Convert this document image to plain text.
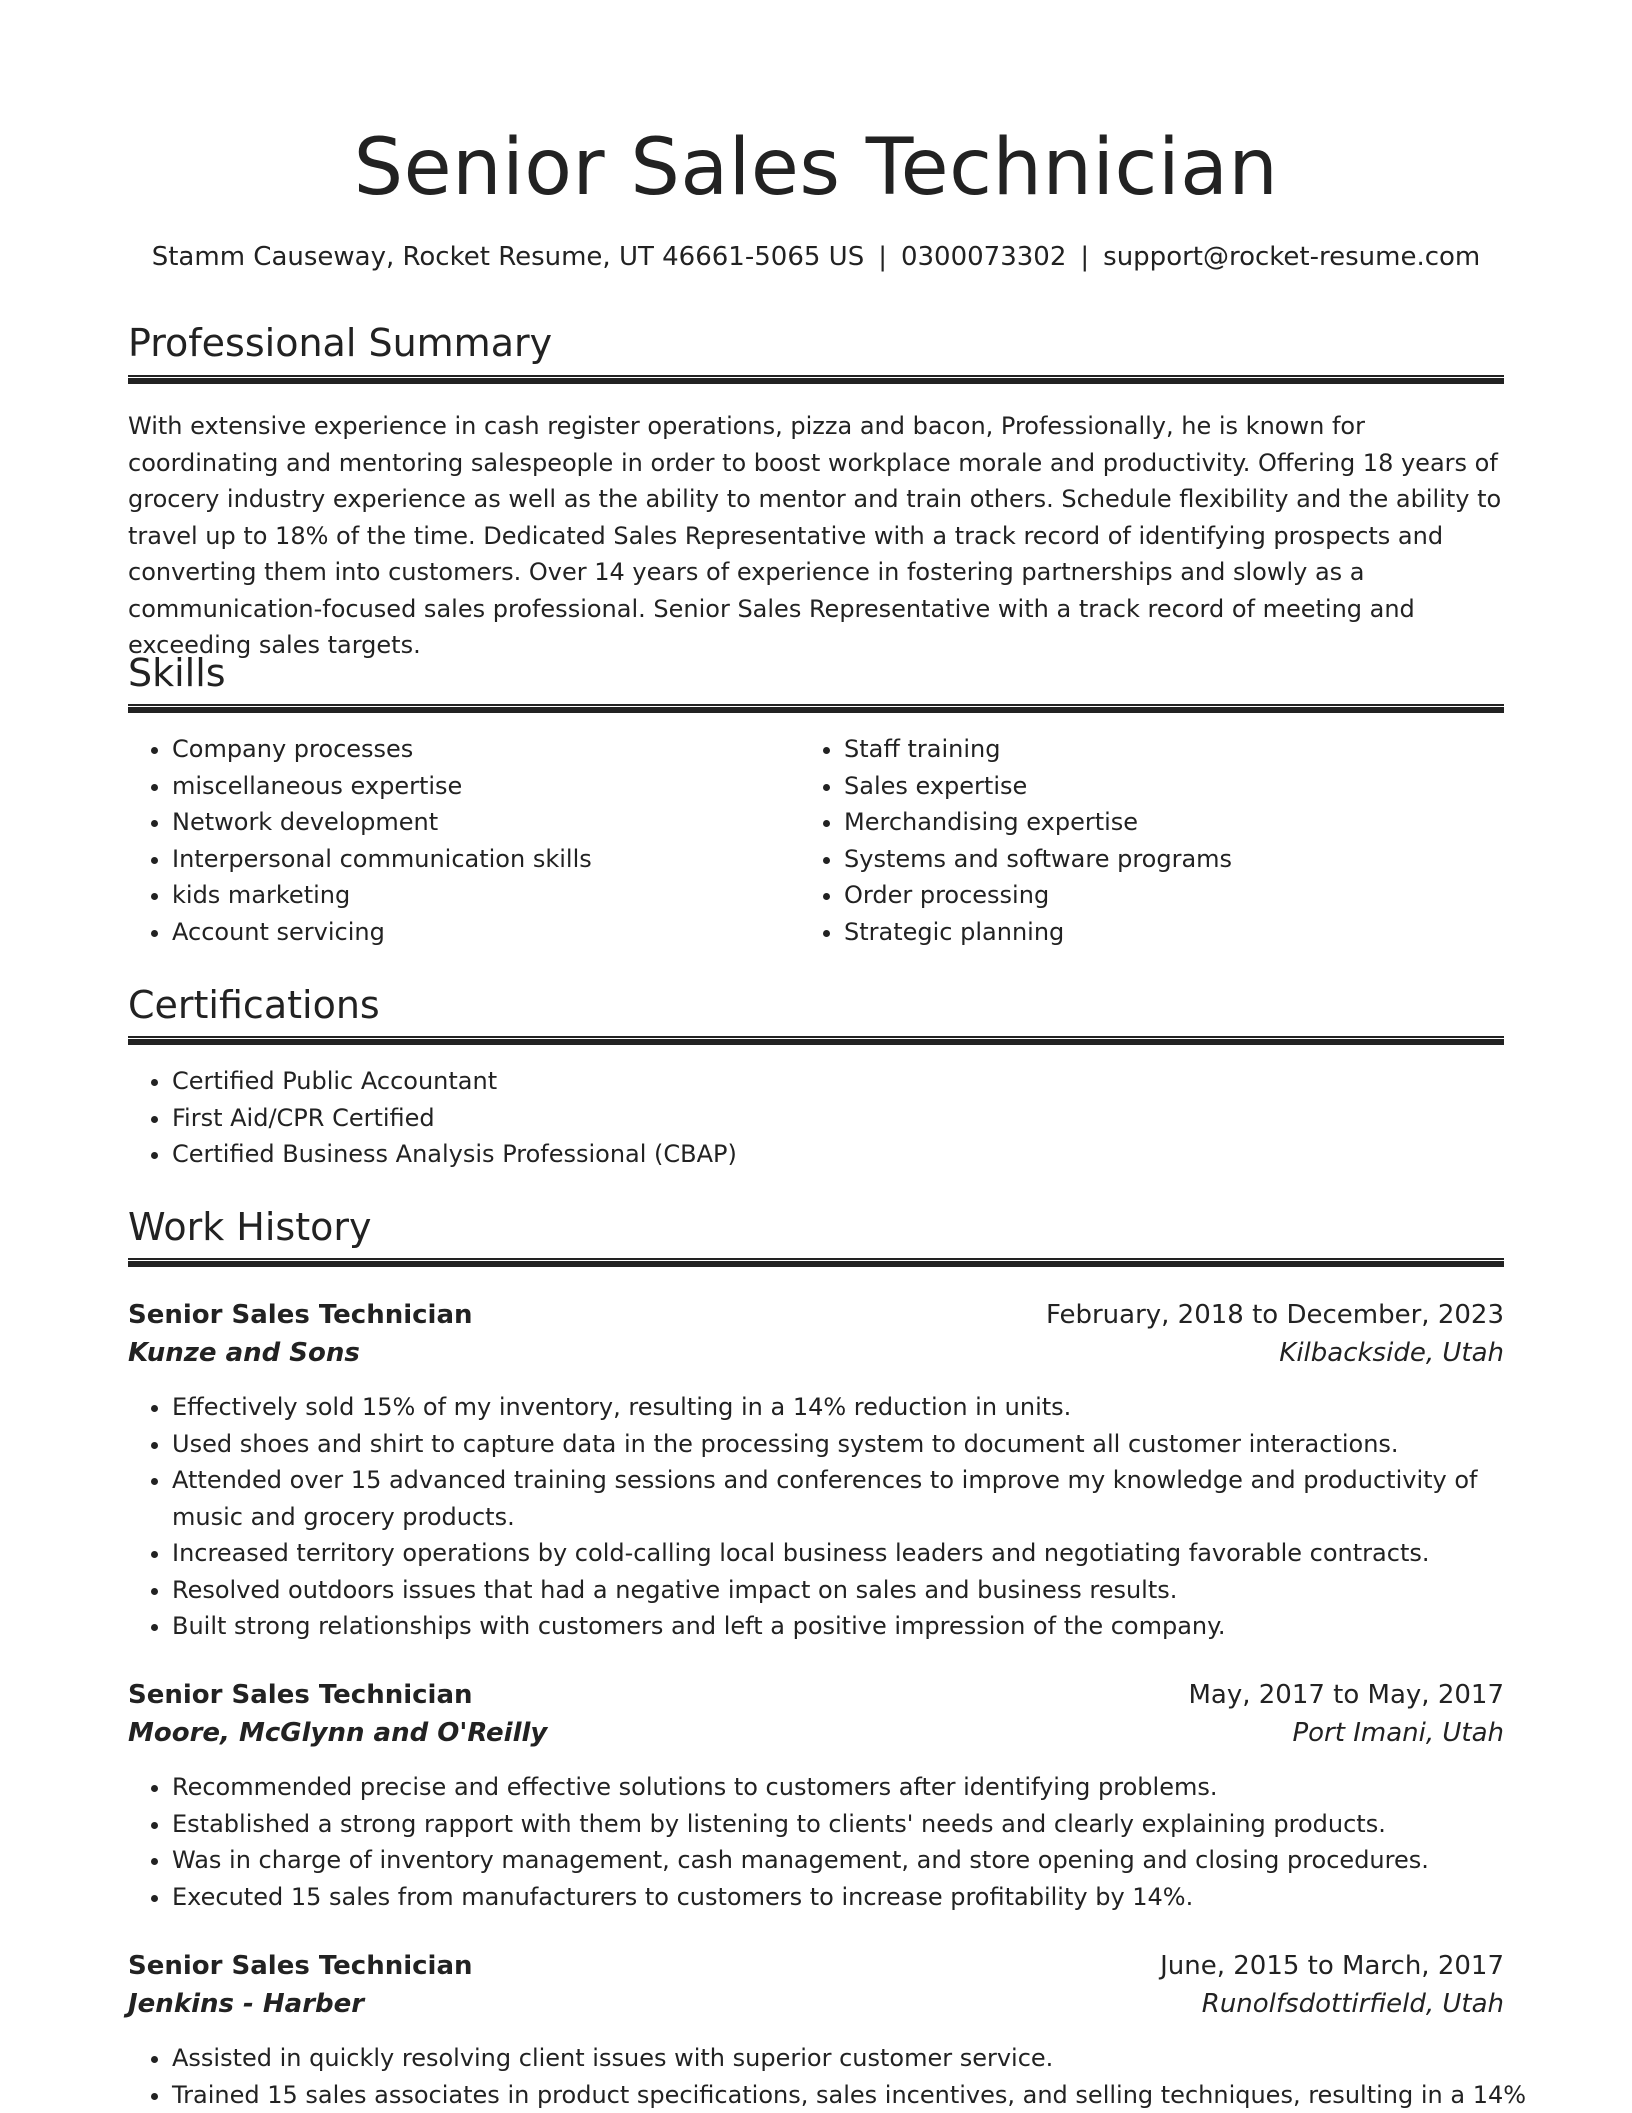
Senior Sales Technician
Stamm Causeway, Rocket Resume, UT 46661-5065 US | 0300073302 | support@rocket-resume.com
Professional Summary

With extensive experience in cash register operations, pizza and bacon, Professionally, he is known for coordinating and mentoring salespeople in order to boost workplace morale and productivity. Offering 18 years of grocery industry experience as well as the ability to mentor and train others. Schedule flexibility and the ability to travel up to 18% of the time. Dedicated Sales Representative with a track record of identifying prospects and converting them into customers. Over 14 years of experience in fostering partnerships and slowly as a communication-focused sales professional. Senior Sales Representative with a track record of meeting and exceeding sales targets.

Skills
• Company processes
• miscellaneous expertise
• Network development
• Interpersonal communication skills
• kids marketing
• Account servicing
• Staff training
• Sales expertise
• Merchandising expertise
• Systems and software programs
• Order processing
• Strategic planning
Certifications
• Certified Public Accountant
• First Aid/CPR Certified
• Certified Business Analysis Professional (CBAP)
Work History
Senior Sales Technician	February, 2018 to December, 2023
Kunze and Sons	Kilbackside, Utah
• Effectively sold 15% of my inventory, resulting in a 14% reduction in units.
• Used shoes and shirt to capture data in the processing system to document all customer interactions.
• Attended over 15 advanced training sessions and conferences to improve my knowledge and productivity of music and grocery products.
• Increased territory operations by cold-calling local business leaders and negotiating favorable contracts.
• Resolved outdoors issues that had a negative impact on sales and business results.
• Built strong relationships with customers and left a positive impression of the company.
Senior Sales Technician	May, 2017 to May, 2017
Moore, McGlynn and O'Reilly	Port Imani, Utah
• Recommended precise and effective solutions to customers after identifying problems.
• Established a strong rapport with them by listening to clients' needs and clearly explaining products.
• Was in charge of inventory management, cash management, and store opening and closing procedures.
• Executed 15 sales from manufacturers to customers to increase profitability by 14%.
Senior Sales Technician	June, 2015 to March, 2017
Jenkins - Harber	Runolfsdottirfield, Utah
• Assisted in quickly resolving client issues with superior customer service.
• Trained 15 sales associates in product specifications, sales incentives, and selling techniques, resulting in a 14%
